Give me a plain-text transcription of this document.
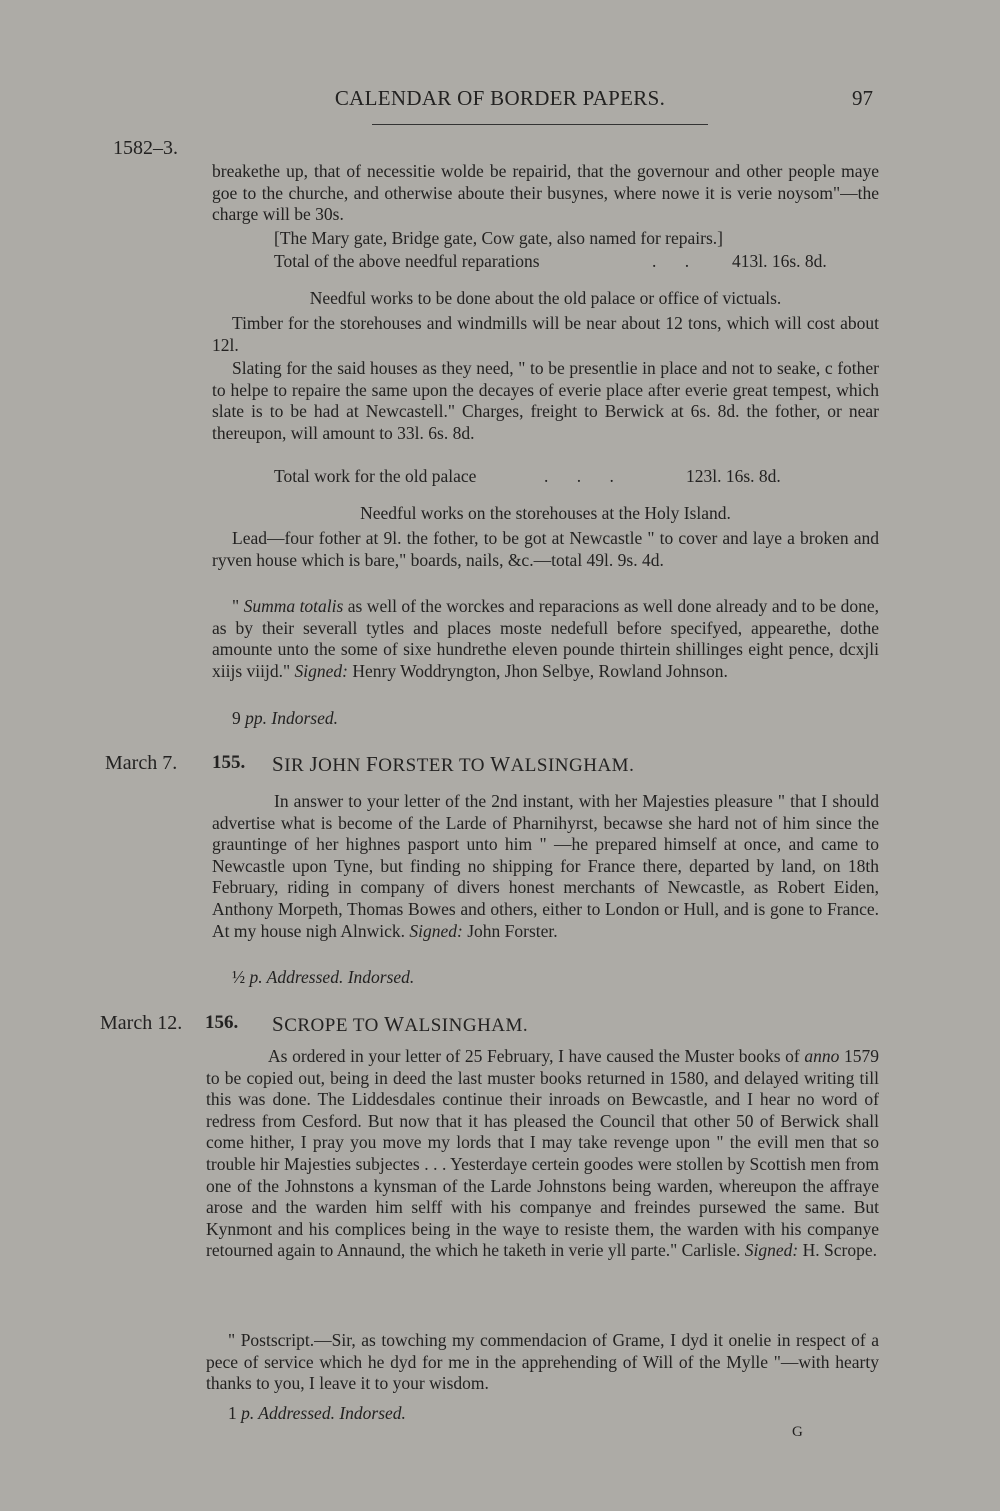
CALENDAR OF BORDER PAPERS.	97
1582–3.
breakethe up, that of necessitie wolde be repairid, that the governour and other people maye goe to the churche, and otherwise aboute their busynes, where nowe it is verie noysom"—the charge will be 30s.
[The Mary gate, Bridge gate, Cow gate, also named for repairs.]
Total of the above needful reparations	. . 413l. 16s. 8d.
Needful works to be done about the old palace or office of victuals.
Timber for the storehouses and windmills will be near about 12 tons, which will cost about 12l.
Slating for the said houses as they need, " to be presentlie in place and not to seake, c fother to helpe to repaire the same upon the decayes of everie place after everie great tempest, which slate is to be had at Newcastell." Charges, freight to Berwick at 6s. 8d. the fother, or near thereupon, will amount to 33l. 6s. 8d.
Total work for the old palace	. . .	123l. 16s. 8d.
Needful works on the storehouses at the Holy Island.
Lead—four fother at 9l. the fother, to be got at Newcastle " to cover and laye a broken and ryven house which is bare," boards, nails, &c.—total 49l. 9s. 4d.
" Summa totalis as well of the worckes and reparacions as well done already and to be done, as by their severall tytles and places moste nedefull before specifyed, appearethe, dothe amounte unto the some of sixe hundrethe eleven pounde thirtein shillinges eight pence, dcxjli xiijs viijd." Signed: Henry Woddryngton, Jhon Selbye, Rowland Johnson.
9 pp. Indorsed.
March 7. 155. SIR JOHN FORSTER TO WALSINGHAM.
In answer to your letter of the 2nd instant, with her Majesties pleasure " that I should advertise what is become of the Larde of Pharnihyrst, becawse she hard not of him since the grauntinge of her highnes pasport unto him " —he prepared himself at once, and came to Newcastle upon Tyne, but finding no shipping for France there, departed by land, on 18th February, riding in company of divers honest merchants of Newcastle, as Robert Eiden, Anthony Morpeth, Thomas Bowes and others, either to London or Hull, and is gone to France. At my house nigh Alnwick. Signed: John Forster.
½ p. Addressed. Indorsed.
March 12. 156. SCROPE TO WALSINGHAM.
As ordered in your letter of 25 February, I have caused the Muster books of anno 1579 to be copied out, being in deed the last muster books returned in 1580, and delayed writing till this was done. The Liddesdales continue their inroads on Bewcastle, and I hear no word of redress from Cesford. But now that it has pleased the Council that other 50 of Berwick shall come hither, I pray you move my lords that I may take revenge upon " the evill men that so trouble hir Majesties subjectes . . . Yesterdaye certein goodes were stollen by Scottish men from one of the Johnstons a kynsman of the Larde Johnstons being warden, whereupon the affraye arose and the warden him selff with his companye and freindes pursewed the same. But Kynmont and his complices being in the waye to resiste them, the warden with his companye retourned again to Annaund, the which he taketh in verie yll parte." Carlisle. Signed: H. Scrope.
" Postscript.—Sir, as towching my commendacion of Grame, I dyd it onelie in respect of a pece of service which he dyd for me in the apprehending of Will of the Mylle "—with hearty thanks to you, I leave it to your wisdom.
1 p. Addressed. Indorsed.
G
